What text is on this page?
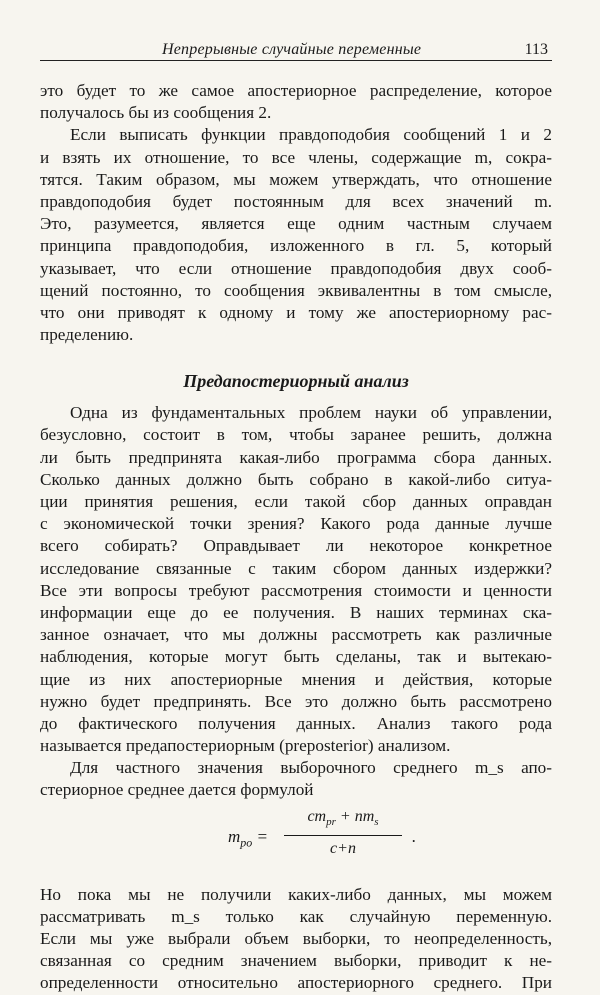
Непрерывные случайные переменные	113
это будет то же самое апостериорное распределение, которое
получалось бы из сообщения 2.
Если выписать функции правдоподобия сообщений 1 и 2
и взять их отношение, то все члены, содержащие m, сокра-
тятся. Таким образом, мы можем утверждать, что отношение
правдоподобия будет постоянным для всех значений m.
Это, разумеется, является еще одним частным случаем
принципа правдоподобия, изложенного в гл. 5, который
указывает, что если отношение правдоподобия двух сооб-
щений постоянно, то сообщения эквивалентны в том смысле,
что они приводят к одному и тому же апостериорному рас-
пределению.
Предапостериорный анализ
Одна из фундаментальных проблем науки об управлении,
безусловно, состоит в том, чтобы заранее решить, должна
ли быть предпринята какая-либо программа сбора данных.
Сколько данных должно быть собрано в какой-либо ситуа-
ции принятия решения, если такой сбор данных оправдан
с экономической точки зрения? Какого рода данные лучше
всего собирать? Оправдывает ли некоторое конкретное
исследование связанные с таким сбором данных издержки?
Все эти вопросы требуют рассмотрения стоимости и ценности
информации еще до ее получения. В наших терминах ска-
занное означает, что мы должны рассмотреть как различные
наблюдения, которые могут быть сделаны, так и вытекаю-
щие из них апостериорные мнения и действия, которые
нужно будет предпринять. Все это должно быть рассмотрено
до фактического получения данных. Анализ такого рода
называется предапостериорным (preposterior) анализом.
Для частного значения выборочного среднего m_s апо-
стериорное среднее дается формулой
$m_{po}$ =
$cm_{pr} + nm_s$
c+n
.
Но пока мы не получили каких-либо данных, мы можем
рассматривать m_s только как случайную переменную.
Если мы уже выбрали объем выборки, то неопределенность,
связанная со средним значением выборки, приводит к не-
определенности относительно апостериорного среднего. При
